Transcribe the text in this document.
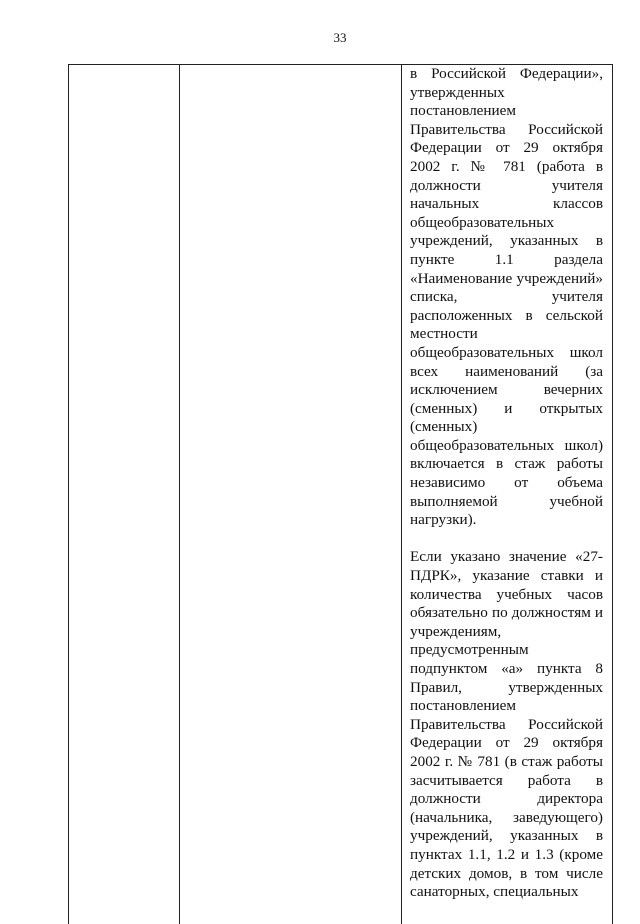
33

в Российской Федерации», утвержденных постановлением Правительства Российской Федерации от 29 октября 2002 г. № 781 (работа в должности учителя начальных классов общеобразовательных учреждений, указанных в пункте 1.1 раздела «Наименование учреждений» списка, учителя расположенных в сельской местности общеобразовательных школ всех наименований (за исключением вечерних (сменных) и открытых (сменных) общеобразовательных школ) включается в стаж работы независимо от объема выполняемой учебной нагрузки).

Если указано значение «27-ПДРК», указание ставки и количества учебных часов обязательно по должностям и учреждениям, предусмотренным подпунктом «а» пункта 8 Правил, утвержденных постановлением Правительства Российской Федерации от 29 октября 2002 г. № 781 (в стаж работы засчитывается работа в должности директора (начальника, заведующего) учреждений, указанных в пунктах 1.1, 1.2 и 1.3 (кроме детских домов, в том числе санаторных, специальных
